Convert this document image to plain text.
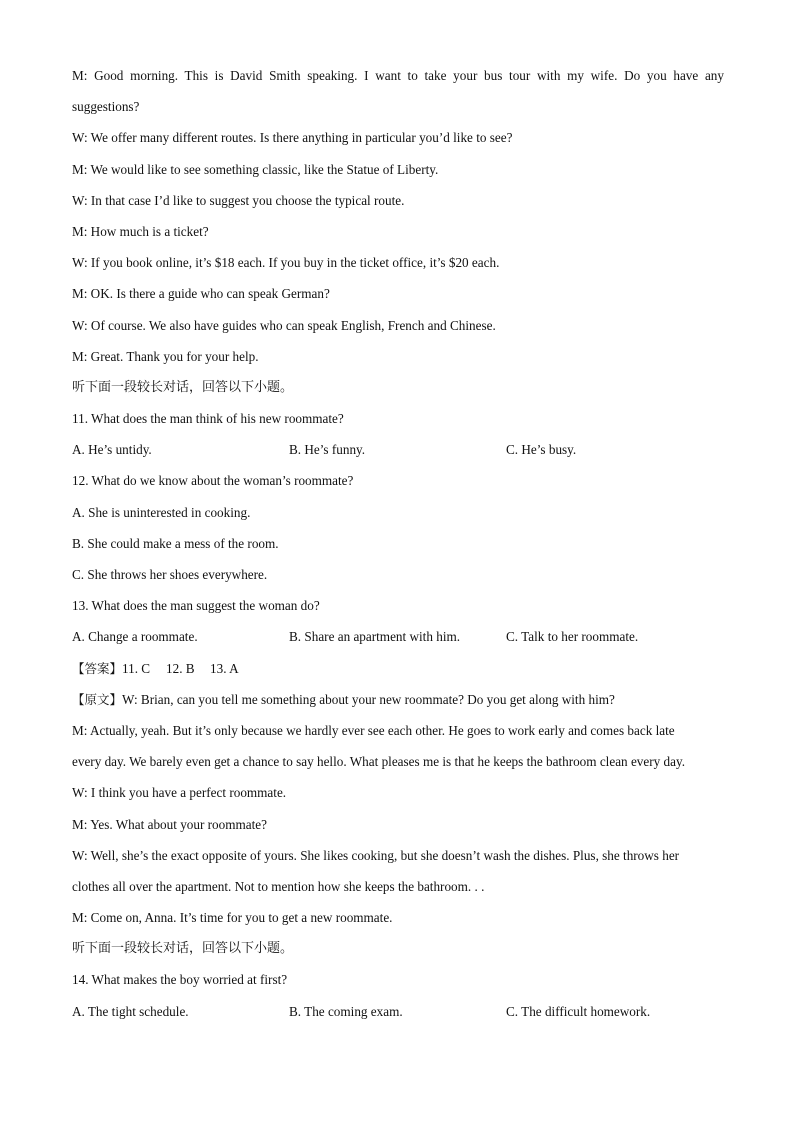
M: Good morning. This is David Smith speaking. I want to take your bus tour with my wife. Do you have any
suggestions?
W: We offer many different routes. Is there anything in particular you’d like to see?
M: We would like to see something classic, like the Statue of Liberty.
W: In that case I’d like to suggest you choose the typical route.
M: How much is a ticket?
W: If you book online, it’s $18 each. If you buy in the ticket office, it’s $20 each.
M: OK. Is there a guide who can speak German?
W: Of course. We also have guides who can speak English, French and Chinese.
M: Great. Thank you for your help.
听下面一段较长对话，回答以下小题。
11. What does the man think of his new roommate?
A. He’s untidy.	B. He’s funny.	C. He’s busy.
12. What do we know about the woman’s roommate?
A. She is uninterested in cooking.
B. She could make a mess of the room.
C. She throws her shoes everywhere.
13. What does the man suggest the woman do?
A. Change a roommate.	B. Share an apartment with him.	C. Talk to her roommate.
【答案】11. C 12. B 13. A
【原文】W: Brian, can you tell me something about your new roommate? Do you get along with him?
M: Actually, yeah. But it’s only because we hardly ever see each other. He goes to work early and comes back late
every day. We barely even get a chance to say hello. What pleases me is that he keeps the bathroom clean every day.
W: I think you have a perfect roommate.
M: Yes. What about your roommate?
W: Well, she’s the exact opposite of yours. She likes cooking, but she doesn’t wash the dishes. Plus, she throws her
clothes all over the apartment. Not to mention how she keeps the bathroom. . .
M: Come on, Anna. It’s time for you to get a new roommate.
听下面一段较长对话，回答以下小题。
14. What makes the boy worried at first?
A. The tight schedule.	B. The coming exam.	C. The difficult homework.
